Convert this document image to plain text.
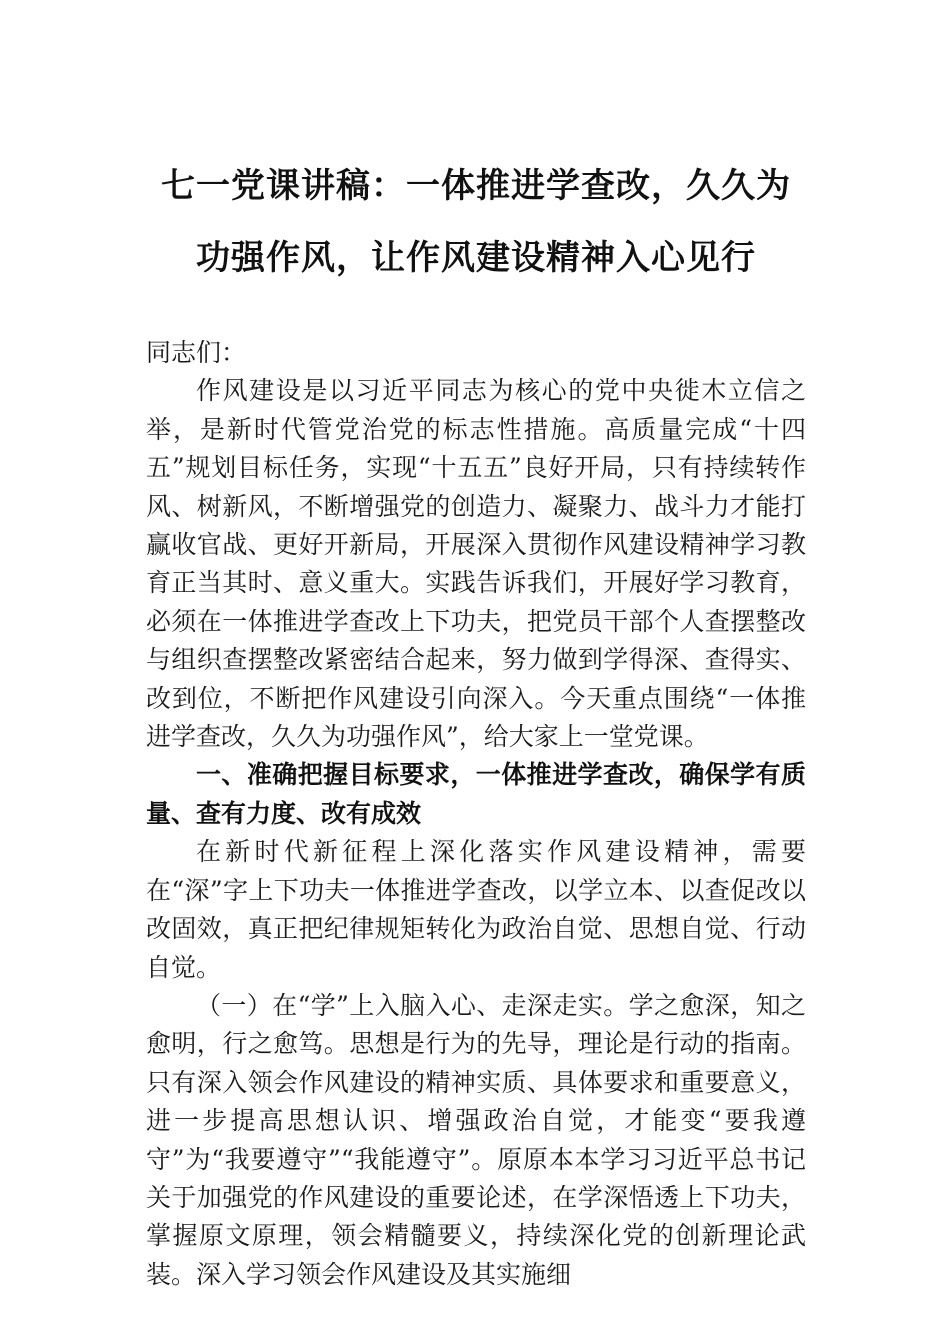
七一党课讲稿：一体推进学查改，久久为
功强作风，让作风建设精神入心见行

同志们：

作风建设是以习近平同志为核心的党中央徙木立信之举，是新时代管党治党的标志性措施。高质量完成“十四五”规划目标任务，实现“十五五”良好开局，只有持续转作风、树新风，不断增强党的创造力、凝聚力、战斗力才能打赢收官战、更好开新局，开展深入贯彻作风建设精神学习教育正当其时、意义重大。实践告诉我们，开展好学习教育，必须在一体推进学查改上下功夫，把党员干部个人查摆整改与组织查摆整改紧密结合起来，努力做到学得深、查得实、改到位，不断把作风建设引向深入。今天重点围绕“一体推进学查改，久久为功强作风”，给大家上一堂党课。

一、准确把握目标要求，一体推进学查改，确保学有质量、查有力度、改有成效

在新时代新征程上深化落实作风建设精神，需要在“深”字上下功夫一体推进学查改，以学立本、以查促改以改固效，真正把纪律规矩转化为政治自觉、思想自觉、行动自觉。

（一）在“学”上入脑入心、走深走实。学之愈深，知之愈明，行之愈笃。思想是行为的先导，理论是行动的指南。只有深入领会作风建设的精神实质、具体要求和重要意义，进一步提高思想认识、增强政治自觉，才能变“要我遵守”为“我要遵守”“我能遵守”。原原本本学习习近平总书记关于加强党的作风建设的重要论述，在学深悟透上下功夫，掌握原文原理，领会精髓要义，持续深化党的创新理论武装。深入学习领会作风建设及其实施细
